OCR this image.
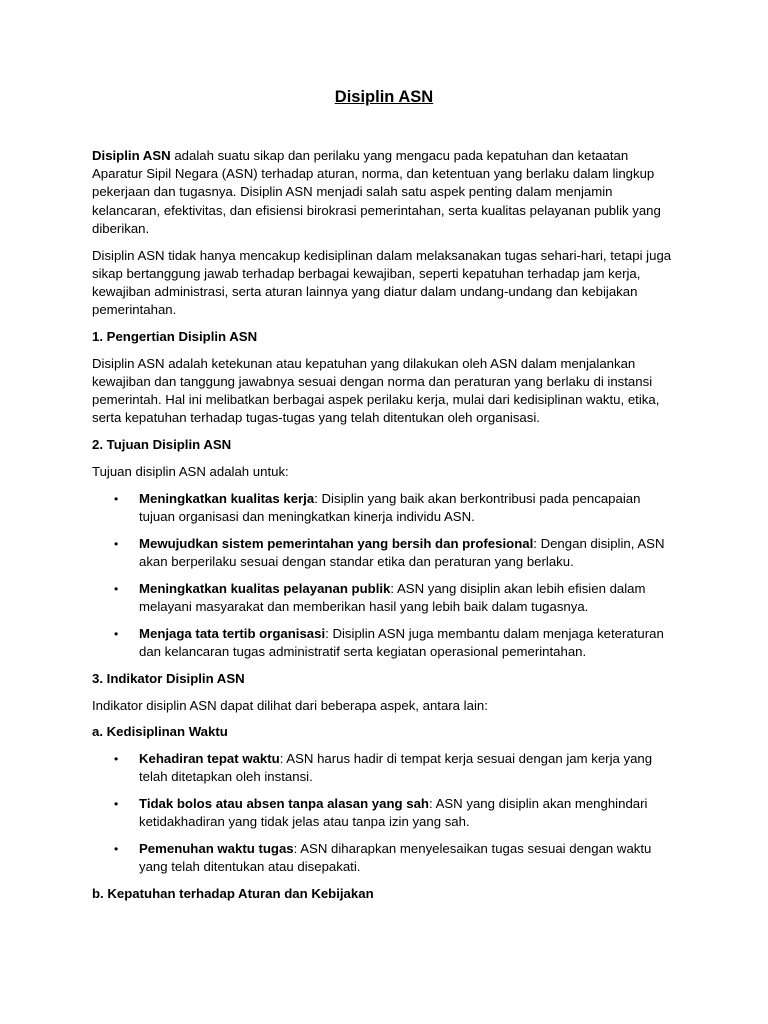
Disiplin ASN

Disiplin ASN adalah suatu sikap dan perilaku yang mengacu pada kepatuhan dan ketaatan Aparatur Sipil Negara (ASN) terhadap aturan, norma, dan ketentuan yang berlaku dalam lingkup pekerjaan dan tugasnya. Disiplin ASN menjadi salah satu aspek penting dalam menjamin kelancaran, efektivitas, dan efisiensi birokrasi pemerintahan, serta kualitas pelayanan publik yang diberikan.

Disiplin ASN tidak hanya mencakup kedisiplinan dalam melaksanakan tugas sehari-hari, tetapi juga sikap bertanggung jawab terhadap berbagai kewajiban, seperti kepatuhan terhadap jam kerja, kewajiban administrasi, serta aturan lainnya yang diatur dalam undang-undang dan kebijakan pemerintahan.

1. Pengertian Disiplin ASN

Disiplin ASN adalah ketekunan atau kepatuhan yang dilakukan oleh ASN dalam menjalankan kewajiban dan tanggung jawabnya sesuai dengan norma dan peraturan yang berlaku di instansi pemerintah. Hal ini melibatkan berbagai aspek perilaku kerja, mulai dari kedisiplinan waktu, etika, serta kepatuhan terhadap tugas-tugas yang telah ditentukan oleh organisasi.

2. Tujuan Disiplin ASN

Tujuan disiplin ASN adalah untuk:

• Meningkatkan kualitas kerja: Disiplin yang baik akan berkontribusi pada pencapaian tujuan organisasi dan meningkatkan kinerja individu ASN.
• Mewujudkan sistem pemerintahan yang bersih dan profesional: Dengan disiplin, ASN akan berperilaku sesuai dengan standar etika dan peraturan yang berlaku.
• Meningkatkan kualitas pelayanan publik: ASN yang disiplin akan lebih efisien dalam melayani masyarakat dan memberikan hasil yang lebih baik dalam tugasnya.
• Menjaga tata tertib organisasi: Disiplin ASN juga membantu dalam menjaga keteraturan dan kelancaran tugas administratif serta kegiatan operasional pemerintahan.

3. Indikator Disiplin ASN

Indikator disiplin ASN dapat dilihat dari beberapa aspek, antara lain:

a. Kedisiplinan Waktu

• Kehadiran tepat waktu: ASN harus hadir di tempat kerja sesuai dengan jam kerja yang telah ditetapkan oleh instansi.
• Tidak bolos atau absen tanpa alasan yang sah: ASN yang disiplin akan menghindari ketidakhadiran yang tidak jelas atau tanpa izin yang sah.
• Pemenuhan waktu tugas: ASN diharapkan menyelesaikan tugas sesuai dengan waktu yang telah ditentukan atau disepakati.

b. Kepatuhan terhadap Aturan dan Kebijakan
